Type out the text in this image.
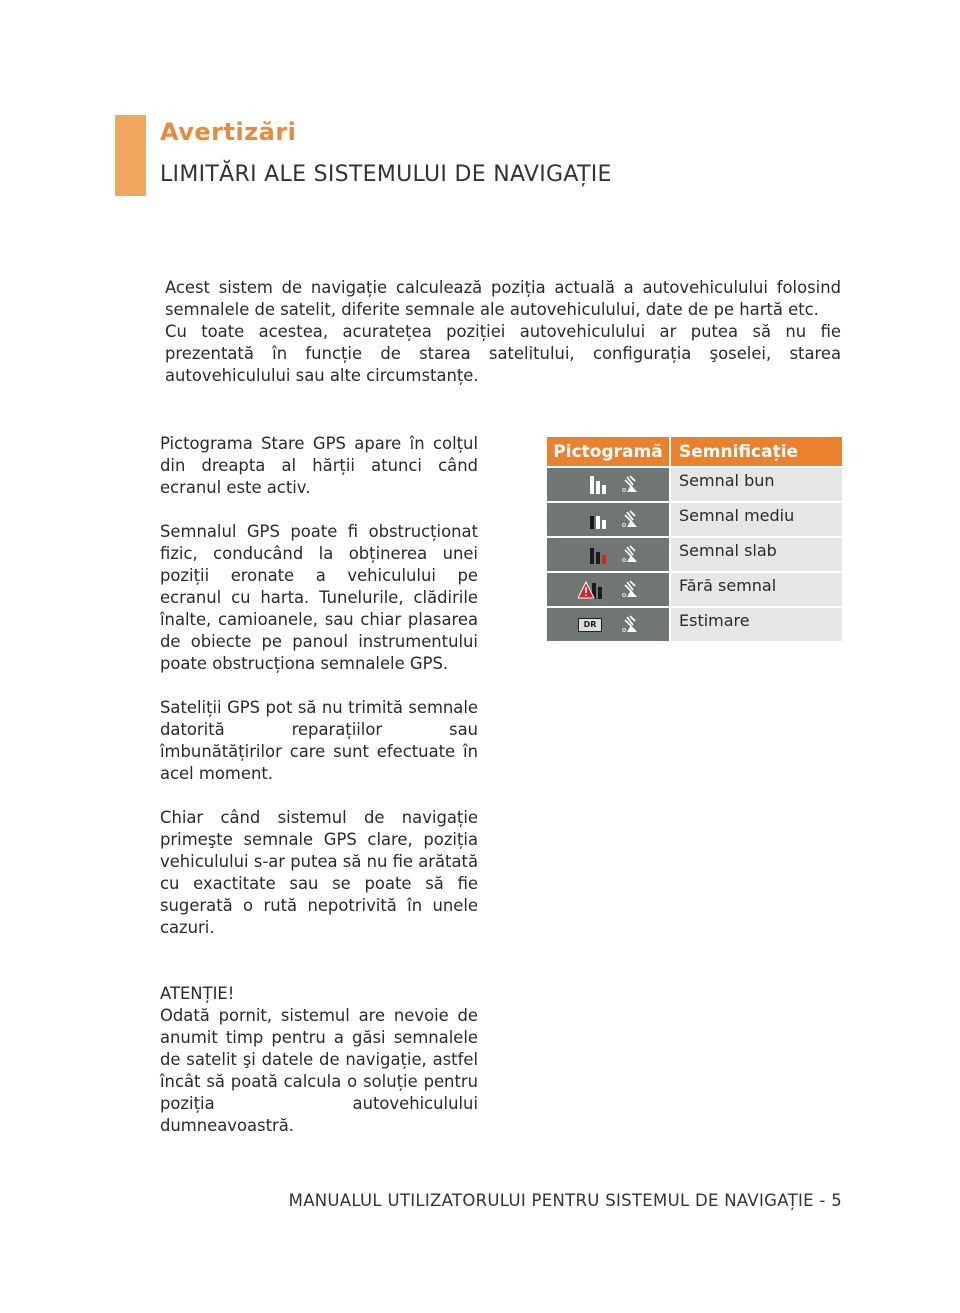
Avertizări
LIMITĂRI ALE SISTEMULUI DE NAVIGAȚIE

Acest sistem de navigație calculează poziția actuală a autovehiculului folosind semnalele de satelit, diferite semnale ale autovehiculului, date de pe hartă etc.

Cu toate acestea, acuratețea poziției autovehiculului ar putea să nu fie prezentată în funcție de starea satelitului, configurația şoselei, starea autovehiculului sau alte circumstanțe.

Pictograma Stare GPS apare în colțul din dreapta al hărții atunci când ecranul este activ.

Semnalul GPS poate fi obstrucționat fizic, conducând la obținerea unei poziții eronate a vehiculului pe ecranul cu harta. Tunelurile, clădirile înalte, camioanele, sau chiar plasarea de obiecte pe panoul instrumentului poate obstrucționa semnalele GPS.

Sateliții GPS pot să nu trimită semnale datorită reparațiilor sau îmbunătățirilor care sunt efectuate în acel moment.

Chiar când sistemul de navigație primeşte semnale GPS clare, poziția vehiculului s-ar putea să nu fie arătată cu exactitate sau se poate să fie sugerată o rută nepotrivită în unele cazuri.

ATENȚIE!
Odată pornit, sistemul are nevoie de anumit timp pentru a găsi semnalele de satelit şi datele de navigație, astfel încât să poată calcula o soluție pentru poziția autovehiculului dumneavoastră.
Pictogramă Semnificație
Semnal bun
Semnal mediu
Semnal slab
Fără semnal
DR	Estimare
MANUALUL UTILIZATORULUI PENTRU SISTEMUL DE NAVIGAȚIE - 5
